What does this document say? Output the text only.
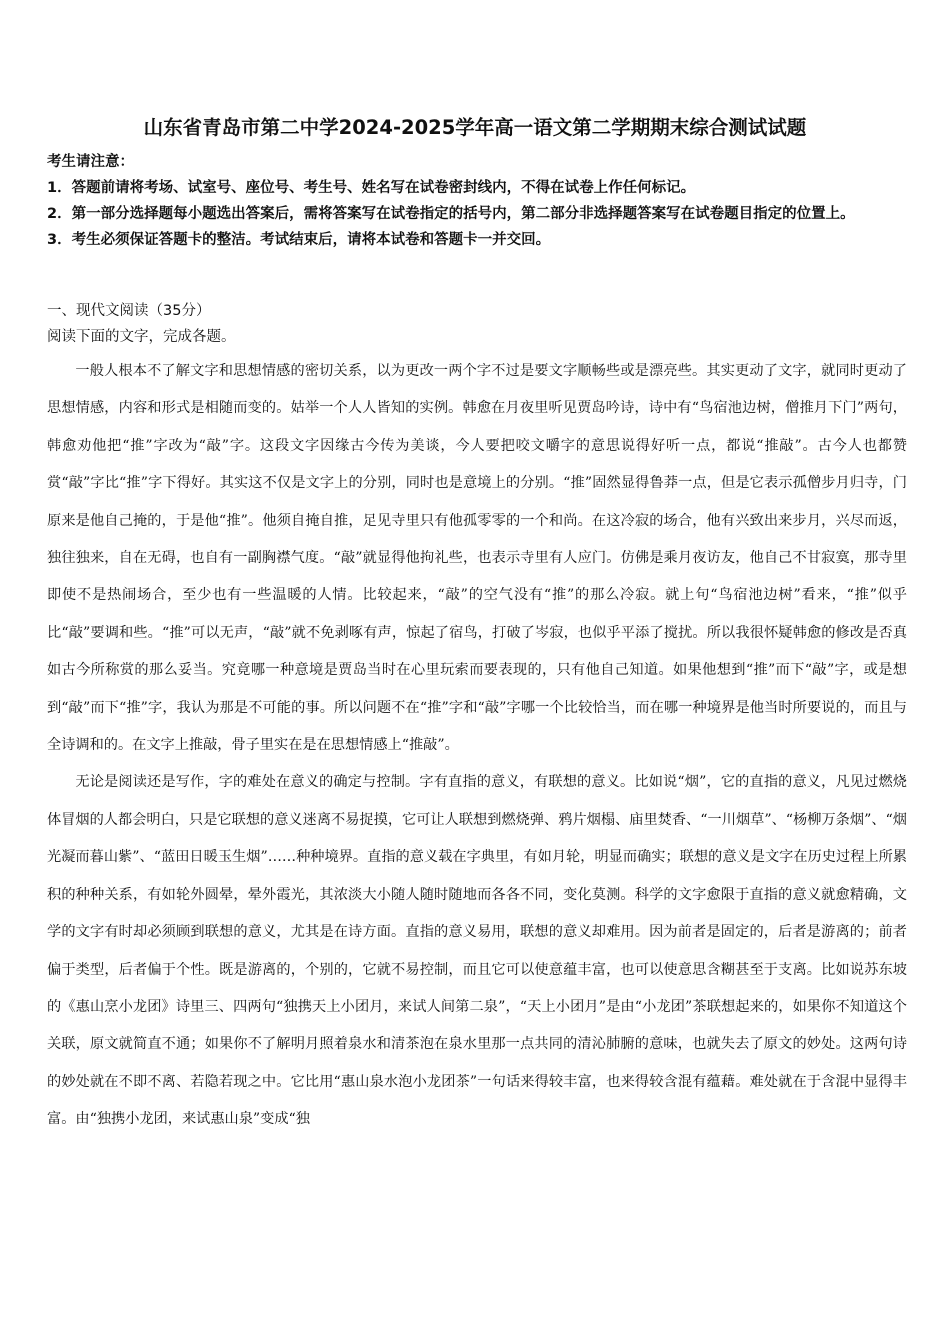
山东省青岛市第二中学2024-2025学年高一语文第二学期期末综合测试试题
考生请注意：
1．答题前请将考场、试室号、座位号、考生号、姓名写在试卷密封线内，不得在试卷上作任何标记。
2．第一部分选择题每小题选出答案后，需将答案写在试卷指定的括号内，第二部分非选择题答案写在试卷题目指定的位置上。
3．考生必须保证答题卡的整洁。考试结束后，请将本试卷和答题卡一并交回。
一、现代文阅读（35分）
阅读下面的文字，完成各题。

一般人根本不了解文字和思想情感的密切关系，以为更改一两个字不过是要文字顺畅些或是漂亮些。其实更动了文字，就同时更动了思想情感，内容和形式是相随而变的。姑举一个人人皆知的实例。韩愈在月夜里听见贾岛吟诗，诗中有“鸟宿池边树，僧推月下门”两句，韩愈劝他把“推”字改为“敲”字。这段文字因缘古今传为美谈，今人要把咬文嚼字的意思说得好听一点，都说“推敲”。古今人也都赞赏“敲”字比“推”字下得好。其实这不仅是文字上的分别，同时也是意境上的分别。“推”固然显得鲁莽一点，但是它表示孤僧步月归寺，门原来是他自己掩的，于是他“推”。他须自掩自推，足见寺里只有他孤零零的一个和尚。在这冷寂的场合，他有兴致出来步月，兴尽而返，独往独来，自在无碍，也自有一副胸襟气度。“敲”就显得他拘礼些，也表示寺里有人应门。仿佛是乘月夜访友，他自己不甘寂寞，那寺里即使不是热闹场合，至少也有一些温暖的人情。比较起来，“敲”的空气没有“推”的那么冷寂。就上句“鸟宿池边树”看来，“推”似乎比“敲”要调和些。“推”可以无声，“敲”就不免剥啄有声，惊起了宿鸟，打破了岑寂，也似乎平添了搅扰。所以我很怀疑韩愈的修改是否真如古今所称赏的那么妥当。究竟哪一种意境是贾岛当时在心里玩索而要表现的，只有他自己知道。如果他想到“推”而下“敲”字，或是想到“敲”而下“推”字，我认为那是不可能的事。所以问题不在“推”字和“敲”字哪一个比较恰当，而在哪一种境界是他当时所要说的，而且与全诗调和的。在文字上推敲，骨子里实在是在思想情感上“推敲”。

无论是阅读还是写作，字的难处在意义的确定与控制。字有直指的意义，有联想的意义。比如说“烟”，它的直指的意义，凡见过燃烧体冒烟的人都会明白，只是它联想的意义迷离不易捉摸，它可让人联想到燃烧弹、鸦片烟榻、庙里焚香、“一川烟草”、“杨柳万条烟”、“烟光凝而暮山紫”、“蓝田日暖玉生烟”……种种境界。直指的意义载在字典里，有如月轮，明显而确实；联想的意义是文字在历史过程上所累积的种种关系，有如轮外圆晕，晕外霞光，其浓淡大小随人随时随地而各各不同，变化莫测。科学的文字愈限于直指的意义就愈精确，文学的文字有时却必须顾到联想的意义，尤其是在诗方面。直指的意义易用，联想的意义却难用。因为前者是固定的，后者是游离的；前者偏于类型，后者偏于个性。既是游离的，个别的，它就不易控制，而且它可以使意蕴丰富，也可以使意思含糊甚至于支离。比如说苏东坡的《惠山烹小龙团》诗里三、四两句“独携天上小团月，来试人间第二泉”，“天上小团月”是由“小龙团”茶联想起来的，如果你不知道这个关联，原文就简直不通；如果你不了解明月照着泉水和清茶泡在泉水里那一点共同的清沁肺腑的意味，也就失去了原文的妙处。这两句诗的妙处就在不即不离、若隐若现之中。它比用“惠山泉水泡小龙团茶”一句话来得较丰富，也来得较含混有蕴藉。难处就在于含混中显得丰富。由“独携小龙团，来试惠山泉”变成“独
